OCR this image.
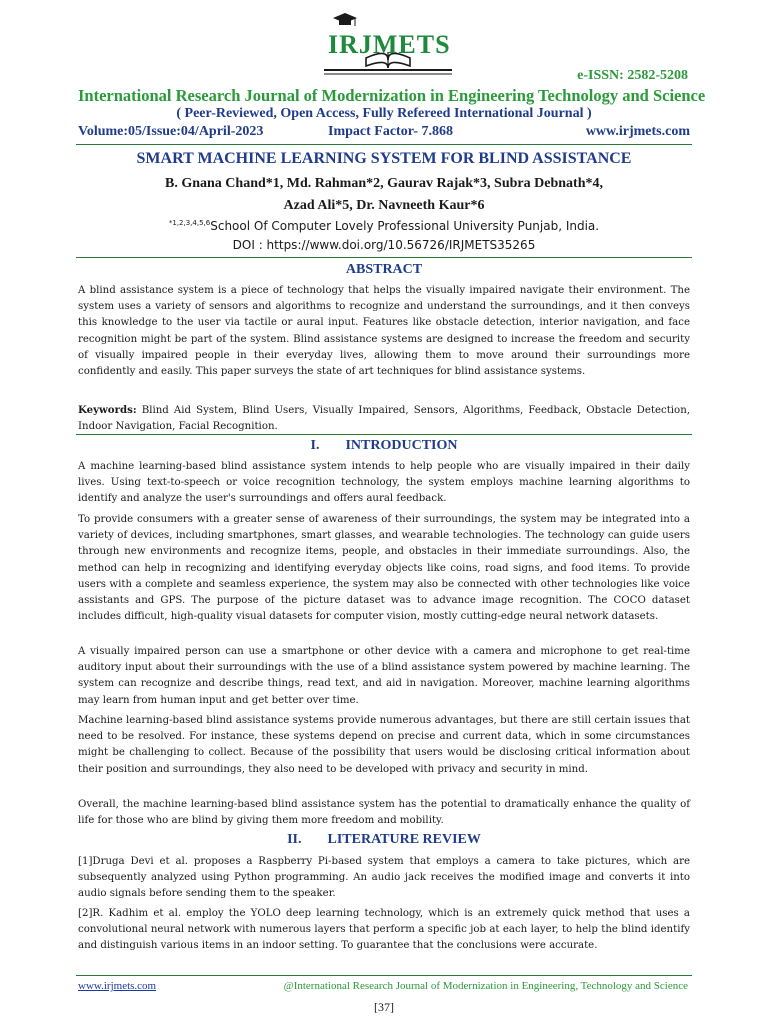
IRJMETS
e-ISSN: 2582-5208
International Research Journal of Modernization in Engineering Technology and Science
( Peer-Reviewed, Open Access, Fully Refereed International Journal )
Volume:05/Issue:04/April-2023	Impact Factor- 7.868	www.irjmets.com
SMART MACHINE LEARNING SYSTEM FOR BLIND ASSISTANCE
B. Gnana Chand*1, Md. Rahman*2, Gaurav Rajak*3, Subra Debnath*4,
Azad Ali*5, Dr. Navneeth Kaur*6
$^{*1,2,3,4,5,6}$School Of Computer Lovely Professional University Punjab, India.
DOI : https://www.doi.org/10.56726/IRJMETS35265
ABSTRACT
A blind assistance system is a piece of technology that helps the visually impaired navigate their environment. The system uses a variety of sensors and algorithms to recognize and understand the surroundings, and it then conveys this knowledge to the user via tactile or aural input. Features like obstacle detection, interior navigation, and face recognition might be part of the system. Blind assistance systems are designed to increase the freedom and security of visually impaired people in their everyday lives, allowing them to move around their surroundings more confidently and easily. This paper surveys the state of art techniques for blind assistance systems.
Keywords: Blind Aid System, Blind Users, Visually Impaired, Sensors, Algorithms, Feedback, Obstacle Detection, Indoor Navigation, Facial Recognition.
I. INTRODUCTION
A machine learning-based blind assistance system intends to help people who are visually impaired in their daily lives. Using text-to-speech or voice recognition technology, the system employs machine learning algorithms to identify and analyze the user's surroundings and offers aural feedback.
To provide consumers with a greater sense of awareness of their surroundings, the system may be integrated into a variety of devices, including smartphones, smart glasses, and wearable technologies. The technology can guide users through new environments and recognize items, people, and obstacles in their immediate surroundings. Also, the method can help in recognizing and identifying everyday objects like coins, road signs, and food items. To provide users with a complete and seamless experience, the system may also be connected with other technologies like voice assistants and GPS. The purpose of the picture dataset was to advance image recognition. The COCO dataset includes difficult, high-quality visual datasets for computer vision, mostly cutting-edge neural network datasets.
A visually impaired person can use a smartphone or other device with a camera and microphone to get real-time auditory input about their surroundings with the use of a blind assistance system powered by machine learning. The system can recognize and describe things, read text, and aid in navigation. Moreover, machine learning algorithms may learn from human input and get better over time.
Machine learning-based blind assistance systems provide numerous advantages, but there are still certain issues that need to be resolved. For instance, these systems depend on precise and current data, which in some circumstances might be challenging to collect. Because of the possibility that users would be disclosing critical information about their position and surroundings, they also need to be developed with privacy and security in mind.
Overall, the machine learning-based blind assistance system has the potential to dramatically enhance the quality of life for those who are blind by giving them more freedom and mobility.
II. LITERATURE REVIEW
[1]Druga Devi et al. proposes a Raspberry Pi-based system that employs a camera to take pictures, which are subsequently analyzed using Python programming. An audio jack receives the modified image and converts it into audio signals before sending them to the speaker.
[2]R. Kadhim et al. employ the YOLO deep learning technology, which is an extremely quick method that uses a convolutional neural network with numerous layers that perform a specific job at each layer, to help the blind identify and distinguish various items in an indoor setting. To guarantee that the conclusions were accurate.
www.irjmets.com	@International Research Journal of Modernization in Engineering, Technology and Science
[37]
